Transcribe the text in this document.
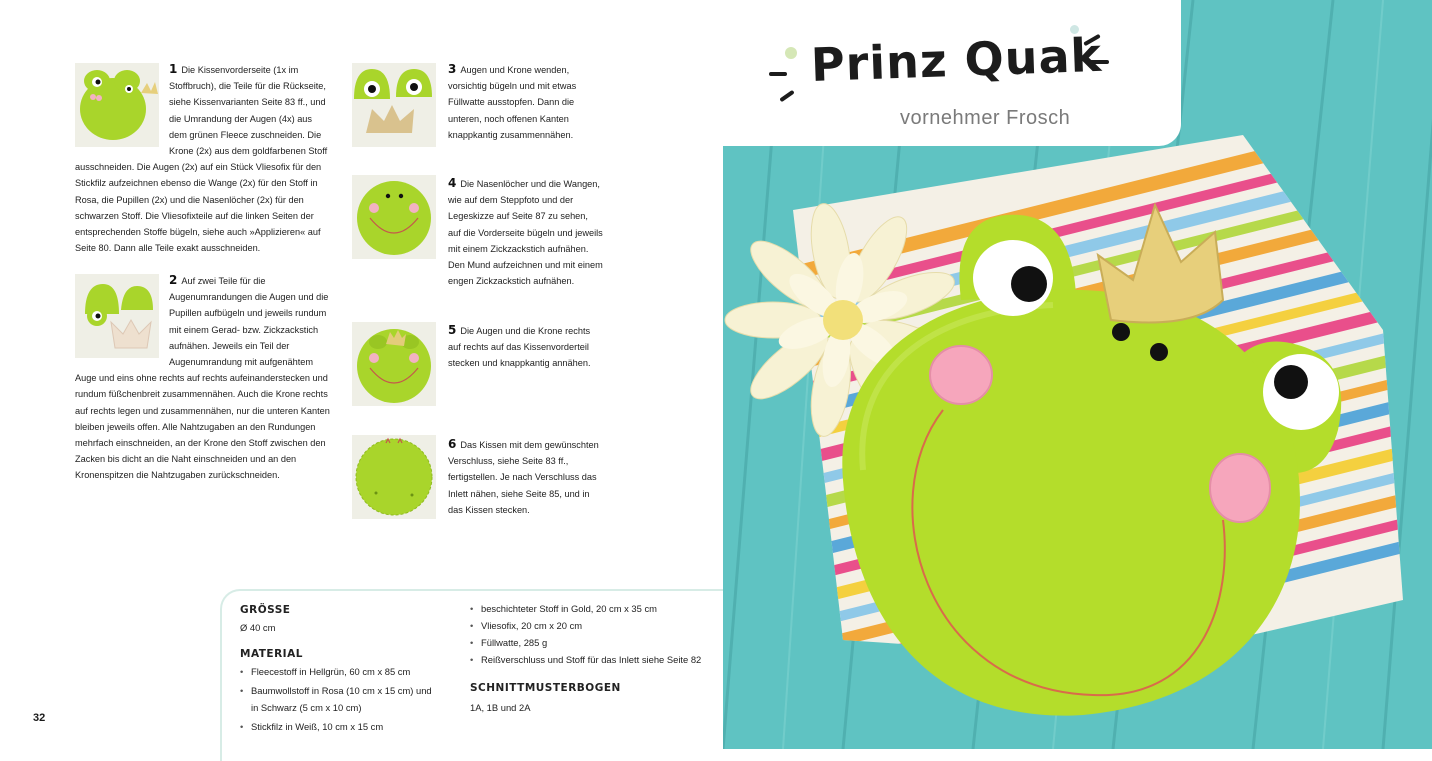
1 Die Kissenvorderseite (1x im Stoffbruch), die Teile für die Rückseite, siehe Kissenvarianten Seite 83 ff., und die Umrandung der Augen (4x) aus dem grünen Fleece zuschneiden. Die Krone (2x) aus dem goldfarbenen Stoff ausschneiden. Die Augen (2x) auf ein Stück Vliesofix für den Stickfilz aufzeichnen ebenso die Wange (2x) für den Stoff in Rosa, die Pupillen (2x) und die Nasenlöcher (2x) für den schwarzen Stoff. Die Vliesofixteile auf die linken Seiten der entsprechenden Stoffe bügeln, siehe auch »Applizieren« auf Seite 80. Dann alle Teile exakt ausschneiden.
2 Auf zwei Teile für die Augenumrandungen die Augen und die Pupillen aufbügeln und jeweils rundum mit einem Gerad- bzw. Zickzackstich aufnähen. Jeweils ein Teil der Augenumrandung mit aufgenähtem Auge und eins ohne rechts auf rechts aufeinanderstecken und rundum füßchenbreit zusammennähen. Auch die Krone rechts auf rechts legen und zusammennähen, nur die unteren Kanten bleiben jeweils offen. Alle Nahtzugaben an den Rundungen mehrfach einschneiden, an der Krone den Stoff zwischen den Zacken bis dicht an die Naht einschneiden und an den Kronenspitzen die Nahtzugaben zurückschneiden.
3 Augen und Krone wenden, vorsichtig bügeln und mit etwas Füllwatte ausstopfen. Dann die unteren, noch offenen Kanten knappkantig zusammennähen.
4 Die Nasenlöcher und die Wangen, wie auf dem Steppfoto und der Legeskizze auf Seite 87 zu sehen, auf die Vorderseite bügeln und jeweils mit einem Zickzackstich aufnähen. Den Mund aufzeichnen und mit einem engen Zickzackstich aufnähen.
5 Die Augen und die Krone rechts auf rechts auf das Kissenvorderteil stecken und knappkantig annähen.
6 Das Kissen mit dem gewünschten Verschluss, siehe Seite 83 ff., fertigstellen. Je nach Verschluss das Inlett nähen, siehe Seite 85, und in das Kissen stecken.

GRÖSSE

Ø 40 cm

MATERIAL

• Fleecestoff in Hellgrün, 60 cm x 85 cm
• Baumwollstoff in Rosa (10 cm x 15 cm) und in Schwarz (5 cm x 10 cm)
• Stickfilz in Weiß, 10 cm x 15 cm
• beschichteter Stoff in Gold, 20 cm x 35 cm
• Vliesofix, 20 cm x 20 cm
• Füllwatte, 285 g
• Reißverschluss und Stoff für das Inlett siehe Seite 82

SCHNITTMUSTERBOGEN

1A, 1B und 2A
32
Prinz Quak
vornehmer Frosch
